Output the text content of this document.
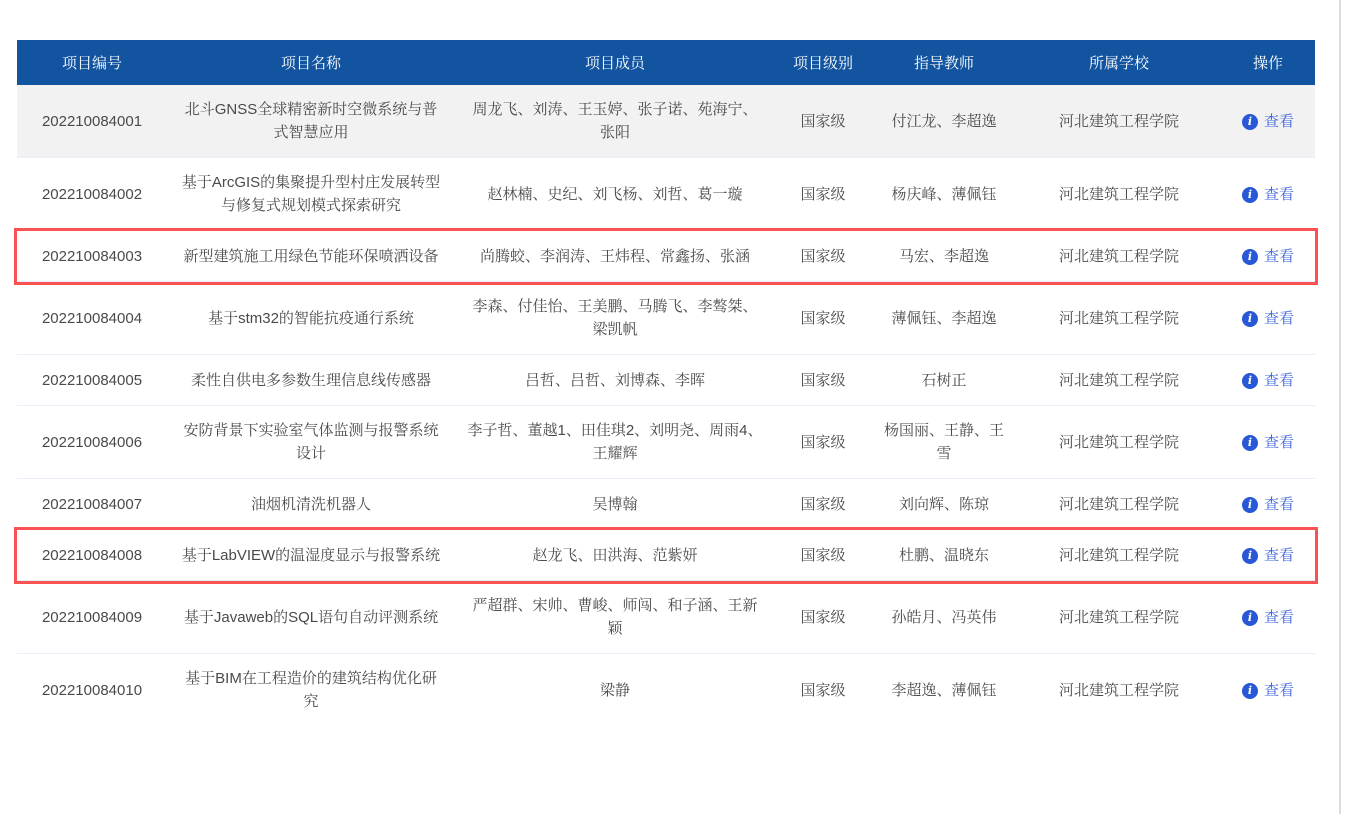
项目编号	项目名称	项目成员	项目级别	指导教师	所属学校	操作
202210084001	北斗GNSS全球精密新时空微系统与普式智慧应用	周龙飞、刘涛、王玉婷、张子诺、苑海宁、张阳	国家级	付江龙、李超逸	河北建筑工程学院	i 查看

202210084002	基于ArcGIS的集聚提升型村庄发展转型与修复式规划模式探索研究	赵林楠、史纪、刘飞杨、刘哲、葛一璇	国家级	杨庆峰、薄佩钰	河北建筑工程学院	i 查看

202210084003	新型建筑施工用绿色节能环保喷洒设备	尚腾蛟、李润涛、王炜程、常鑫扬、张涵	国家级	马宏、李超逸	河北建筑工程学院	i 查看

202210084004	基于stm32的智能抗疫通行系统	李森、付佳怡、王美鹏、马腾飞、李骜桀、梁凯帆	国家级	薄佩钰、李超逸	河北建筑工程学院	i 查看

202210084005	柔性自供电多参数生理信息线传感器	吕哲、吕哲、刘博森、李晖	国家级	石树正	河北建筑工程学院	i 查看

202210084006	安防背景下实验室气体监测与报警系统设计	李子哲、董越1、田佳琪2、刘明尧、周雨4、王耀辉	国家级	杨国丽、王静、王雪	河北建筑工程学院	i 查看

202210084007	油烟机清洗机器人	吴博翰	国家级	刘向辉、陈琼	河北建筑工程学院	i 查看

202210084008	基于LabVIEW的温湿度显示与报警系统	赵龙飞、田洪海、范紫妍	国家级	杜鹏、温晓东	河北建筑工程学院	i 查看

202210084009	基于Javaweb的SQL语句自动评测系统	严超群、宋帅、曹峻、师闯、和子涵、王新颖	国家级	孙皓月、冯英伟	河北建筑工程学院	i 查看

202210084010	基于BIM在工程造价的建筑结构优化研究	梁静	国家级	李超逸、薄佩钰	河北建筑工程学院	i 查看
